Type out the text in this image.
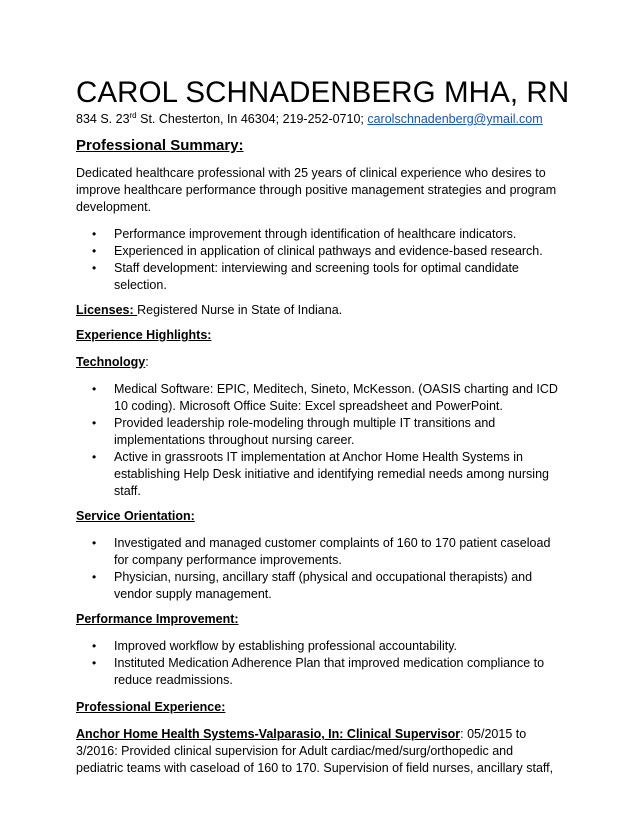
CAROL SCHNADENBERG MHA, RN
834 S. 23rd St. Chesterton, In 46304; 219-252-0710; carolschnadenberg@ymail.com
Professional Summary:

Dedicated healthcare professional with 25 years of clinical experience who desires to improve healthcare performance through positive management strategies and program development.

• Performance improvement through identification of healthcare indicators.
• Experienced in application of clinical pathways and evidence-based research.
• Staff development: interviewing and screening tools for optimal candidate selection.

Licenses: Registered Nurse in State of Indiana.

Experience Highlights:

Technology:

• Medical Software: EPIC, Meditech, Sineto, McKesson. (OASIS charting and ICD 10 coding). Microsoft Office Suite: Excel spreadsheet and PowerPoint.
• Provided leadership role-modeling through multiple IT transitions and implementations throughout nursing career.
• Active in grassroots IT implementation at Anchor Home Health Systems in establishing Help Desk initiative and identifying remedial needs among nursing staff.
Service Orientation:
• Investigated and managed customer complaints of 160 to 170 patient caseload for company performance improvements.
• Physician, nursing, ancillary staff (physical and occupational therapists) and vendor supply management.
Performance Improvement:
• Improved workflow by establishing professional accountability.
• Instituted Medication Adherence Plan that improved medication compliance to reduce readmissions.
Professional Experience:

Anchor Home Health Systems-Valparasio, In: Clinical Supervisor: 05/2015 to 3/2016: Provided clinical supervision for Adult cardiac/med/surg/orthopedic and pediatric teams with caseload of 160 to 170. Supervision of field nurses, ancillary staff,
